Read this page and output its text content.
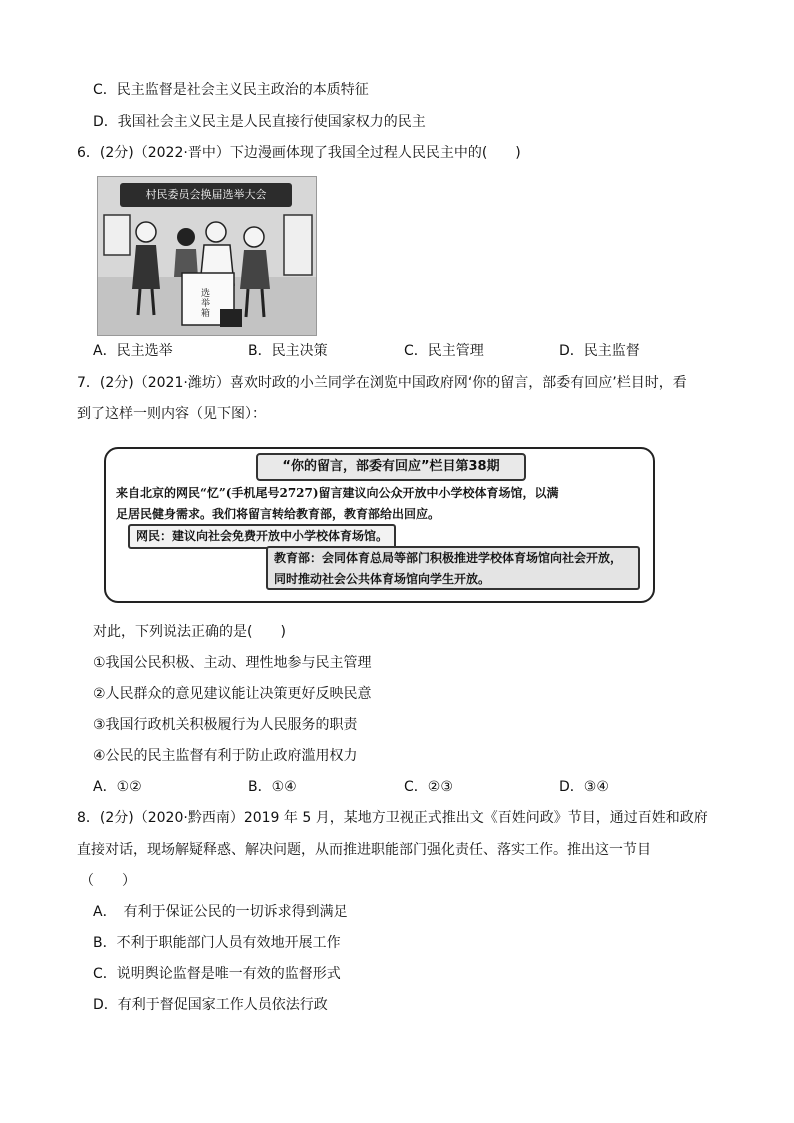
C．民主监督是社会主义民主政治的本质特征
D．我国社会主义民主是人民直接行使国家权力的民主
6．(2分)（2022·晋中）下边漫画体现了我国全过程人民民主中的(　　)
村民委员会换届选举大会
选举箱
A．民主选举	B．民主决策	C．民主管理	D．民主监督
7．(2分)（2021·潍坊）喜欢时政的小兰同学在浏览中国政府网‘你的留言，部委有回应’栏目时，看
到了这样一则内容（见下图）：
“你的留言，部委有回应”栏目第38期
来自北京的网民“忆”(手机尾号2727)留言建议向公众开放中小学校体育场馆，以满
足居民健身需求。我们将留言转给教育部，教育部给出回应。
网民：建议向社会免费开放中小学校体育场馆。
教育部：会同体育总局等部门积极推进学校体育场馆向社会开放，同时推动社会公共体育场馆向学生开放。
对此，下列说法正确的是(　　)
①我国公民积极、主动、理性地参与民主管理
②人民群众的意见建议能让决策更好反映民意
③我国行政机关积极履行为人民服务的职责
④公民的民主监督有利于防止政府滥用权力
A．①②	B．①④	C．②③	D．③④
8．(2分)（2020·黔西南）2019 年 5 月，某地方卫视正式推出文《百姓问政》节目，通过百姓和政府
直接对话，现场解疑释惑、解决问题，从而推进职能部门强化责任、落实工作。推出这一节目
（　　）
A．　有利于保证公民的一切诉求得到满足
B．不利于职能部门人员有效地开展工作
C．说明舆论监督是唯一有效的监督形式
D．有利于督促国家工作人员依法行政
